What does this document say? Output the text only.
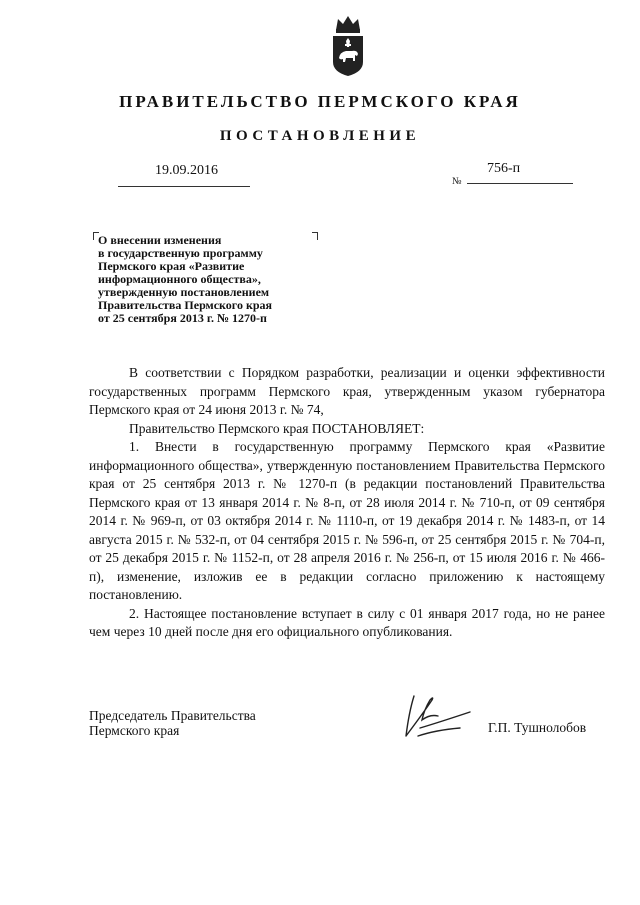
ПРАВИТЕЛЬСТВО ПЕРМСКОГО КРАЯ
ПОСТАНОВЛЕНИЕ
19.09.2016
№
756-п
О внесении изменения
в государственную программу
Пермского края «Развитие
информационного общества»,
утвержденную постановлением
Правительства Пермского края
от 25 сентября 2013 г. № 1270-п

В соответствии с Порядком разработки, реализации и оценки эффективности государственных программ Пермского края, утвержденным указом губернатора Пермского края от 24 июня 2013 г. № 74,

Правительство Пермского края ПОСТАНОВЛЯЕТ:

1. Внести в государственную программу Пермского края «Развитие информационного общества», утвержденную постановлением Правительства Пермского края от 25 сентября 2013 г. № 1270-п (в редакции постановлений Правительства Пермского края от 13 января 2014 г. № 8-п, от 28 июля 2014 г. № 710-п, от 09 сентября 2014 г. № 969-п, от 03 октября 2014 г. № 1110-п, от 19 декабря 2014 г. № 1483-п, от 14 августа 2015 г. № 532-п, от 04 сентября 2015 г. № 596-п, от 25 сентября 2015 г. № 704-п, от 25 декабря 2015 г. № 1152-п, от 28 апреля 2016 г. № 256-п, от 15 июля 2016 г. № 466-п), изменение, изложив ее в редакции согласно приложению к настоящему постановлению.

2. Настоящее постановление вступает в силу с 01 января 2017 года, но не ранее чем через 10 дней после дня его официального опубликования.

Председатель Правительства
Пермского края	Г.П. Тушнолобов
